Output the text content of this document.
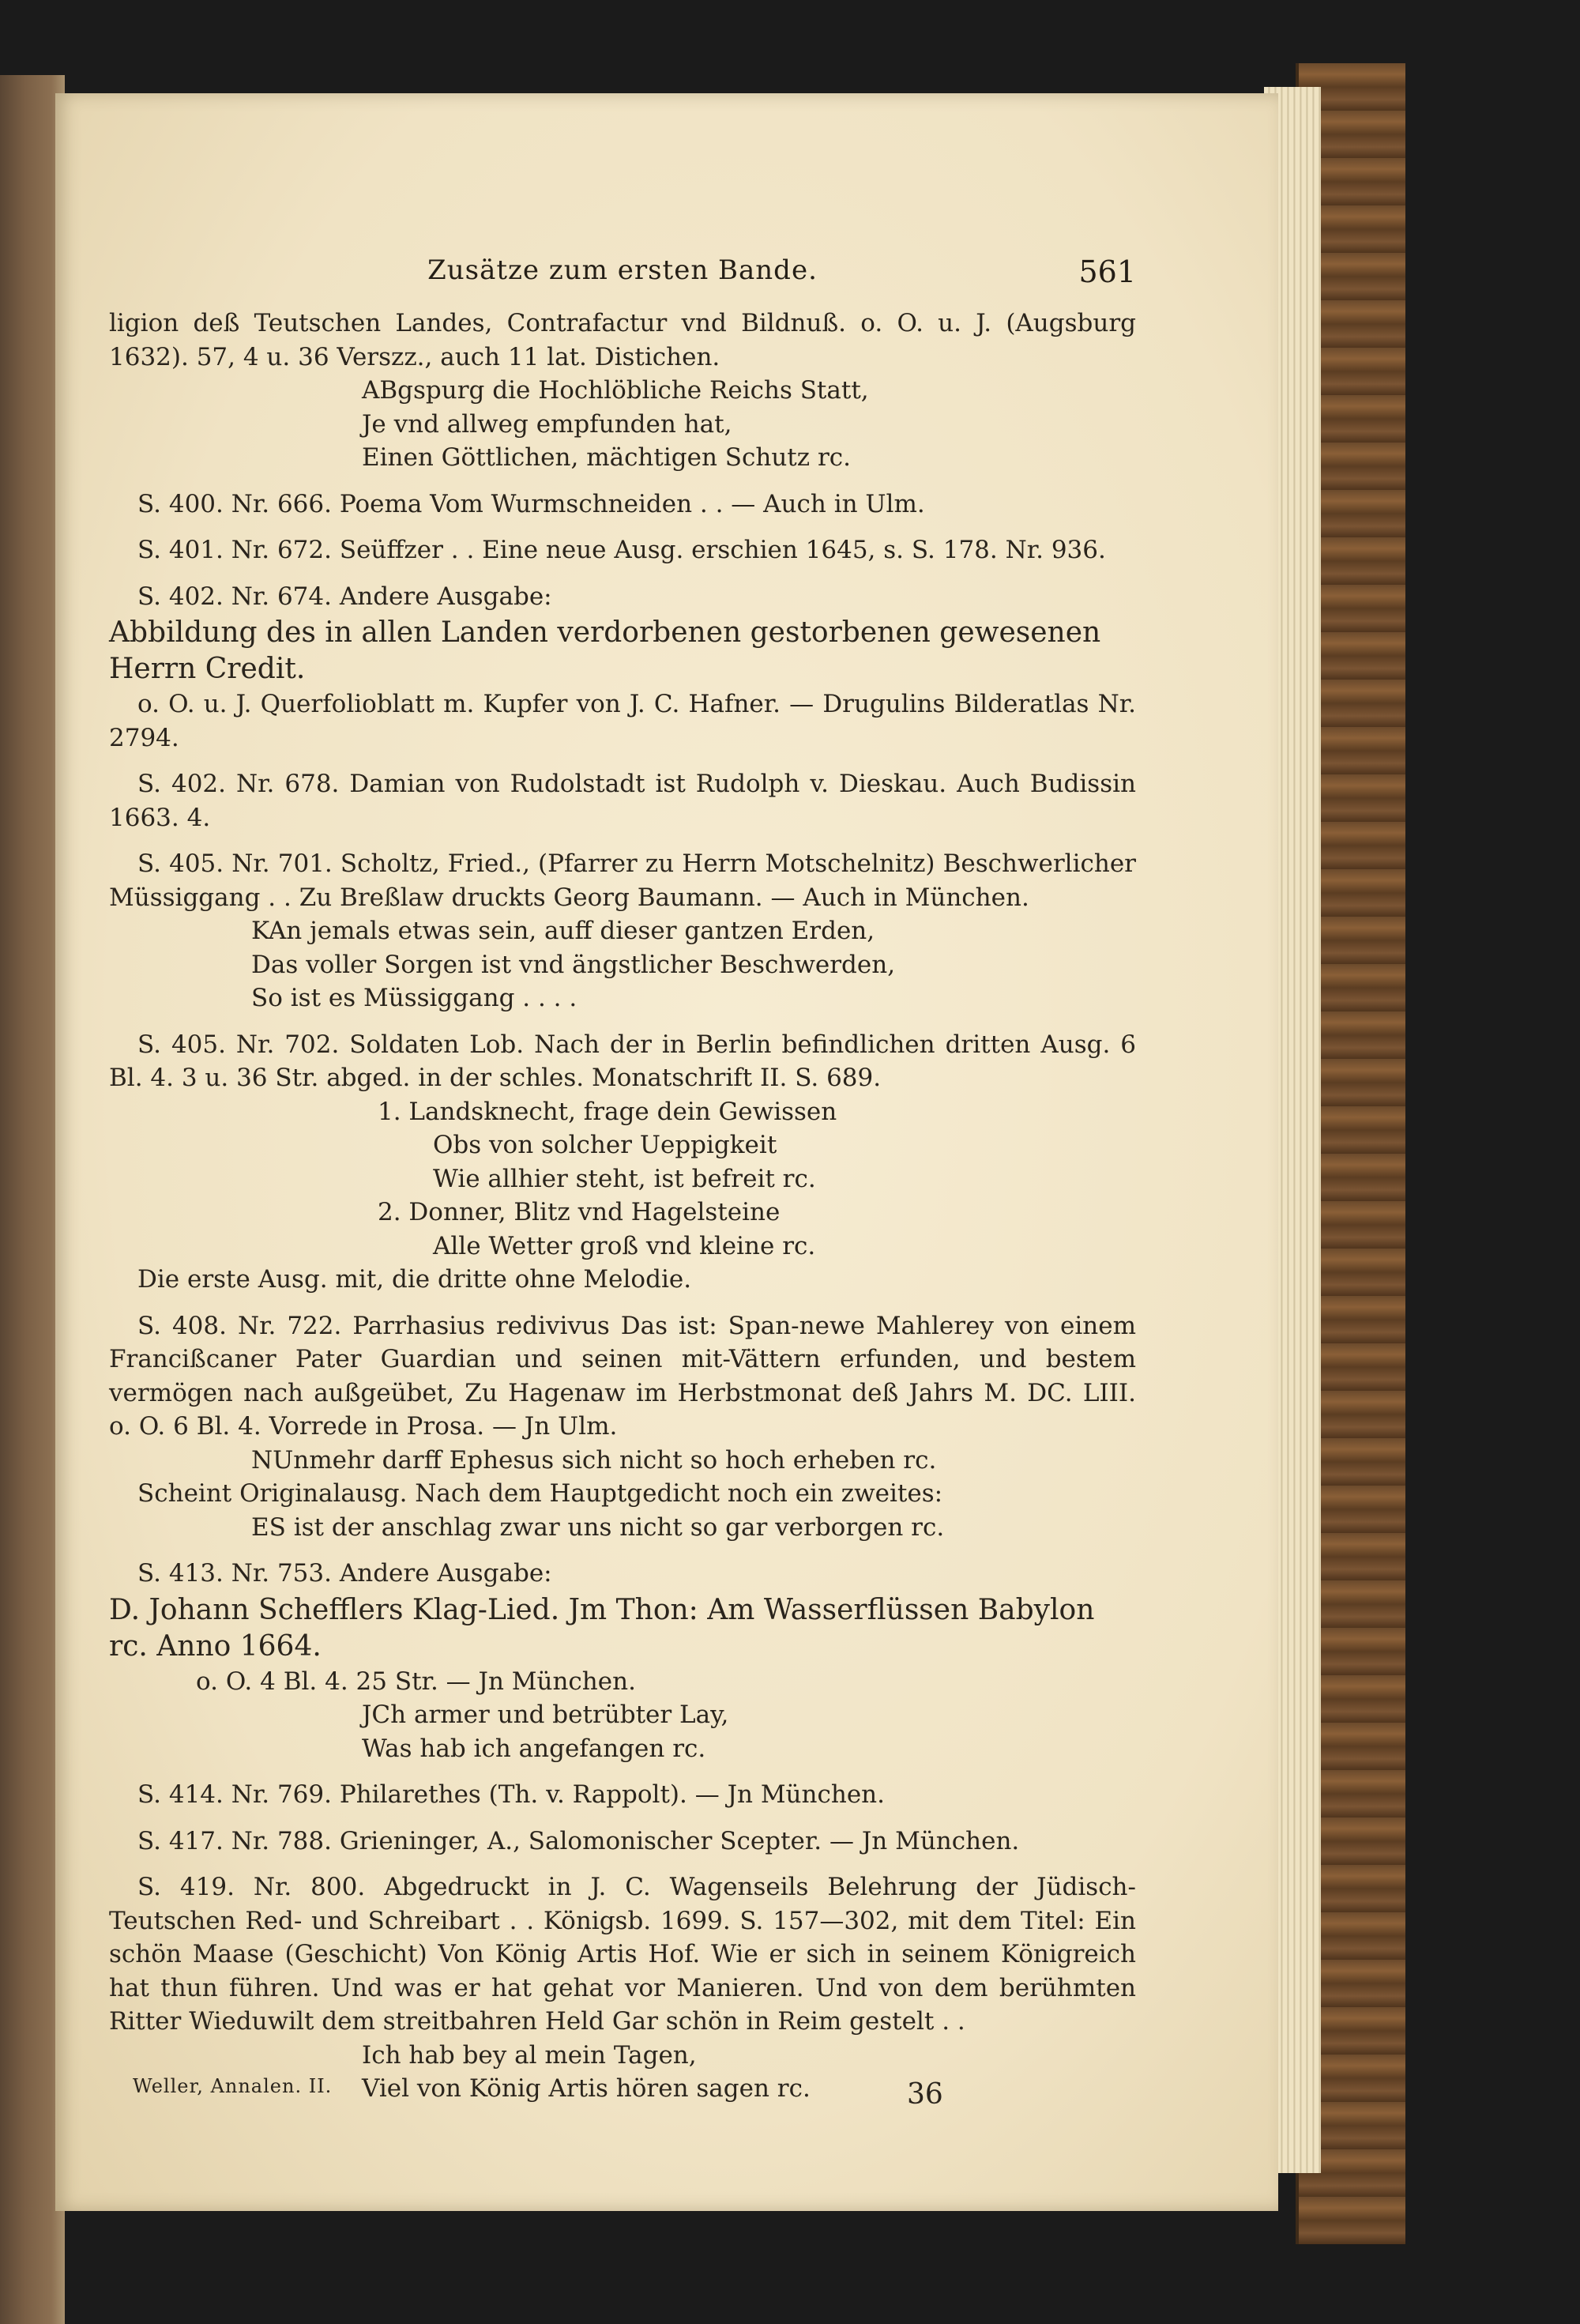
Zusätze zum ersten Bande.	561

ligion deß Teutschen Landes, Contrafactur vnd Bildnuß. o. O. u. J. (Augsburg 1632). 57, 4 u. 36 Verszz., auch 11 lat. Distichen.

ABgspurg die Hochlöbliche Reichs Statt,

Je vnd allweg empfunden hat,

Einen Göttlichen, mächtigen Schutz rc.

S. 400. Nr. 666. Poema Vom Wurmschneiden . . — Auch in Ulm.

S. 401. Nr. 672. Seüffzer . . Eine neue Ausg. erschien 1645, s. S. 178. Nr. 936.

S. 402. Nr. 674. Andere Ausgabe:

Abbildung des in allen Landen verdorbenen gestorbenen gewesenen Herrn Credit.

o. O. u. J. Querfolioblatt m. Kupfer von J. C. Hafner. — Drugulins Bilderatlas Nr. 2794.

S. 402. Nr. 678. Damian von Rudolstadt ist Rudolph v. Dieskau. Auch Budissin 1663. 4.

S. 405. Nr. 701. Scholtz, Fried., (Pfarrer zu Herrn Motschelnitz) Beschwerlicher Müssiggang . . Zu Breßlaw druckts Georg Baumann. — Auch in München.

KAn jemals etwas sein, auff dieser gantzen Erden,

Das voller Sorgen ist vnd ängstlicher Beschwerden,

So ist es Müssiggang . . . .

S. 405. Nr. 702. Soldaten Lob. Nach der in Berlin befindlichen dritten Ausg. 6 Bl. 4. 3 u. 36 Str. abged. in der schles. Monatschrift II. S. 689.

1. Landsknecht, frage dein Gewissen

Obs von solcher Ueppigkeit

Wie allhier steht, ist befreit rc.

2. Donner, Blitz vnd Hagelsteine

Alle Wetter groß vnd kleine rc.

Die erste Ausg. mit, die dritte ohne Melodie.

S. 408. Nr. 722. Parrhasius redivivus Das ist: Span-newe Mahlerey von einem Francißcaner Pater Guardian und seinen mit-Vättern erfunden, und bestem vermögen nach außgeübet, Zu Hagenaw im Herbstmonat deß Jahrs M. DC. LIII. o. O. 6 Bl. 4. Vorrede in Prosa. — Jn Ulm.

NUnmehr darff Ephesus sich nicht so hoch erheben rc.

Scheint Originalausg. Nach dem Hauptgedicht noch ein zweites:

ES ist der anschlag zwar uns nicht so gar verborgen rc.

S. 413. Nr. 753. Andere Ausgabe:

D. Johann Schefflers Klag-Lied. Jm Thon: Am Wasserflüssen Babylon rc. Anno 1664.

o. O. 4 Bl. 4. 25 Str. — Jn München.

JCh armer und betrübter Lay,

Was hab ich angefangen rc.

S. 414. Nr. 769. Philarethes (Th. v. Rappolt). — Jn München.

S. 417. Nr. 788. Grieninger, A., Salomonischer Scepter. — Jn München.

S. 419. Nr. 800. Abgedruckt in J. C. Wagenseils Belehrung der Jüdisch-Teutschen Red- und Schreibart . . Königsb. 1699. S. 157—302, mit dem Titel: Ein schön Maase (Geschicht) Von König Artis Hof. Wie er sich in seinem Königreich hat thun führen. Und was er hat gehat vor Manieren. Und von dem berühmten Ritter Wieduwilt dem streitbahren Held Gar schön in Reim gestelt . .

Ich hab bey al mein Tagen,

Viel von König Artis hören sagen rc.

Weller, Annalen. II.	36
